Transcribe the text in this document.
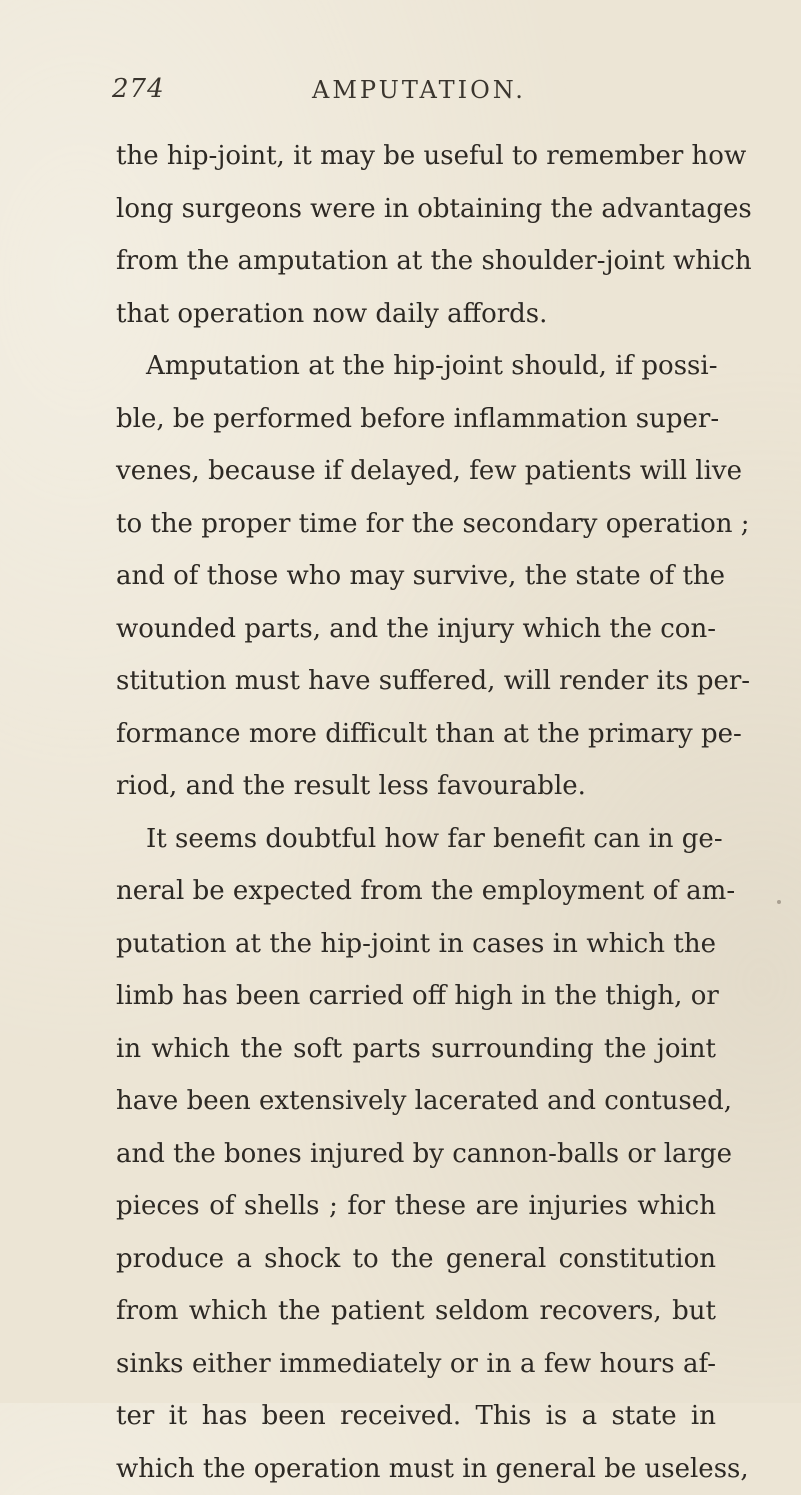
274	AMPUTATION.
the hip-joint, it may be useful to remember how
long surgeons were in obtaining the advantages
from the amputation at the shoulder-joint which
that operation now daily affords.
Amputation at the hip-joint should, if possi-
ble, be performed before inflammation super-
venes, because if delayed, few patients will live
to the proper time for the secondary operation ;
and of those who may survive, the state of the
wounded parts, and the injury which the con-
stitution must have suffered, will render its per-
formance more difficult than at the primary pe-
riod, and the result less favourable.
It seems doubtful how far benefit can in ge-
neral be expected from the employment of am-
putation at the hip-joint in cases in which the
limb has been carried off high in the thigh, or
in which the soft parts surrounding the joint
have been extensively lacerated and contused,
and the bones injured by cannon-balls or large
pieces of shells ; for these are injuries which
produce a shock to the general constitution
from which the patient seldom recovers, but
sinks either immediately or in a few hours af-
ter it has been received. This is a state in
which the operation must in general be useless,
